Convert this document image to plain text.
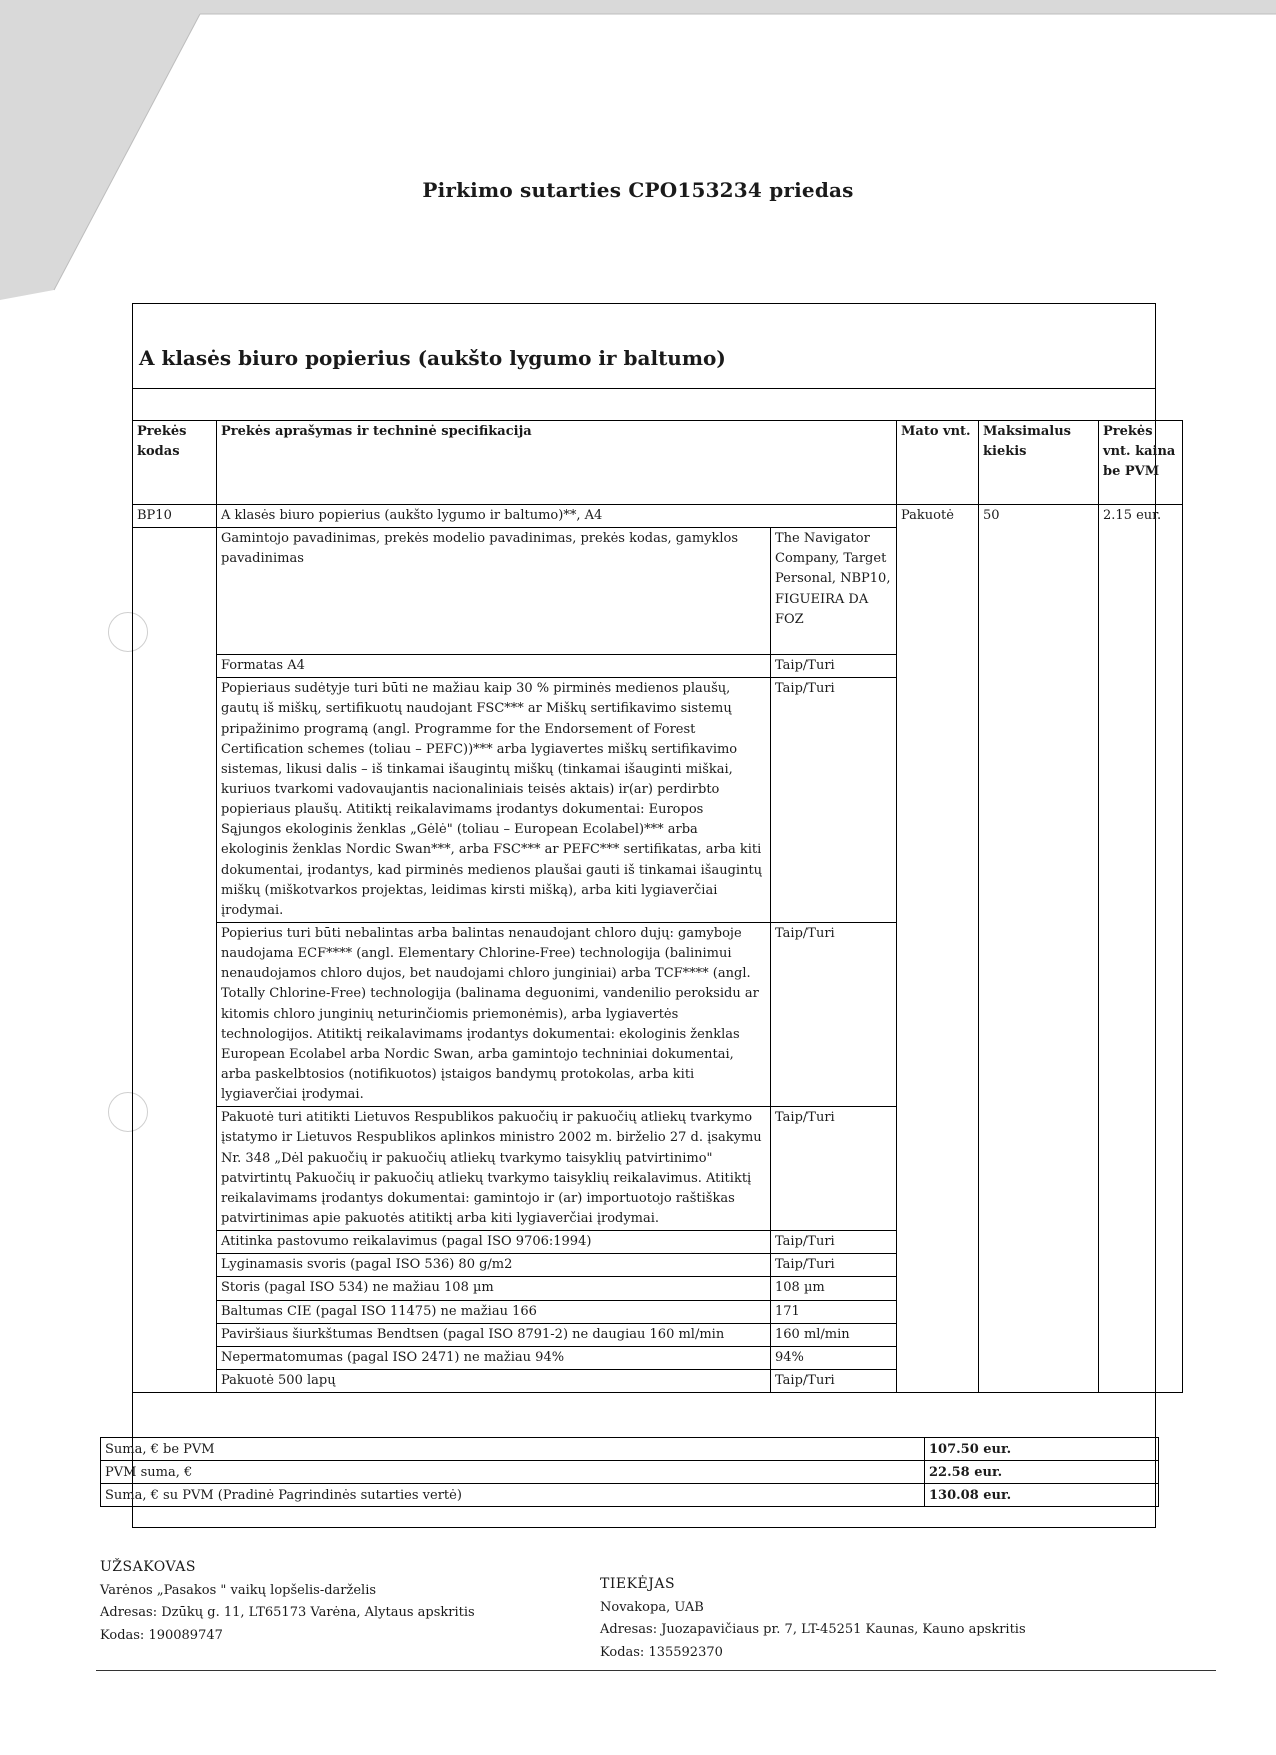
Pirkimo sutarties CPO153234 priedas
A klasės biuro popierius (aukšto lygumo ir baltumo)
Prekės kodas	Prekės aprašymas ir techninė specifikacija		Mato vnt.	Maksimalus kiekis	Prekės vnt. kaina be PVM
BP10	A klasės biuro popierius (aukšto lygumo ir baltumo)**, A4		Pakuotė	50	2.15 eur.
	Gamintojo pavadinimas, prekės modelio pavadinimas, prekės kodas, gamyklos pavadinimas	The Navigator Company, Target Personal, NBP10, FIGUEIRA DA FOZ			
	Formatas A4	Taip/Turi			
	Popieriaus sudėtyje turi būti ne mažiau kaip 30 % pirminės medienos plaušų, gautų iš miškų, sertifikuotų naudojant FSC*** ar Miškų sertifikavimo sistemų pripažinimo programą (angl. Programme for the Endorsement of Forest Certification schemes (toliau – PEFC))*** arba lygiavertes miškų sertifikavimo sistemas, likusi dalis – iš tinkamai išaugintų miškų (tinkamai išauginti miškai, kuriuos tvarkomi vadovaujantis nacionaliniais teisės aktais) ir(ar) perdirbto popieriaus plaušų. Atitiktį reikalavimams įrodantys dokumentai: Europos Sąjungos ekologinis ženklas „Gėlė" (toliau – European Ecolabel)*** arba ekologinis ženklas Nordic Swan***, arba FSC*** ar PEFC*** sertifikatas, arba kiti dokumentai, įrodantys, kad pirminės medienos plaušai gauti iš tinkamai išaugintų miškų (miškotvarkos projektas, leidimas kirsti mišką), arba kiti lygiaverčiai įrodymai.	Taip/Turi			
	Popierius turi būti nebalintas arba balintas nenaudojant chloro dujų: gamyboje naudojama ECF**** (angl. Elementary Chlorine-Free) technologija (balinimui nenaudojamos chloro dujos, bet naudojami chloro junginiai) arba TCF**** (angl. Totally Chlorine-Free) technologija (balinama deguonimi, vandenilio peroksidu ar kitomis chloro junginių neturinčiomis priemonėmis), arba lygiavertės technologijos. Atitiktį reikalavimams įrodantys dokumentai: ekologinis ženklas European Ecolabel arba Nordic Swan, arba gamintojo techniniai dokumentai, arba paskelbtosios (notifikuotos) įstaigos bandymų protokolas, arba kiti lygiaverčiai įrodymai.	Taip/Turi			
	Pakuotė turi atitikti Lietuvos Respublikos pakuočių ir pakuočių atliekų tvarkymo įstatymo ir Lietuvos Respublikos aplinkos ministro 2002 m. birželio 27 d. įsakymu Nr. 348 „Dėl pakuočių ir pakuočių atliekų tvarkymo taisyklių patvirtinimo" patvirtintų Pakuočių ir pakuočių atliekų tvarkymo taisyklių reikalavimus. Atitiktį reikalavimams įrodantys dokumentai: gamintojo ir (ar) importuotojo raštiškas patvirtinimas apie pakuotės atitiktį arba kiti lygiaverčiai įrodymai.	Taip/Turi			
	Atitinka pastovumo reikalavimus (pagal ISO 9706:1994)	Taip/Turi			
	Lyginamasis svoris (pagal ISO 536) 80 g/m2	Taip/Turi			
	Storis (pagal ISO 534) ne mažiau 108 µm	108 µm			
	Baltumas CIE (pagal ISO 11475) ne mažiau 166	171			
	Paviršiaus šiurkštumas Bendtsen (pagal ISO 8791-2) ne daugiau 160 ml/min	160 ml/min			
	Nepermatomumas (pagal ISO 2471) ne mažiau 94%	94%			
	Pakuotė 500 lapų	Taip/Turi			
Suma, € be PVM	107.50 eur.
PVM suma, €	22.58 eur.
Suma, € su PVM (Pradinė Pagrindinės sutarties vertė)	130.08 eur.
UŽSAKOVAS
Varėnos „Pasakos " vaikų lopšelis-darželis
Adresas: Dzūkų g. 11, LT65173 Varėna, Alytaus apskritis
Kodas: 190089747
TIEKĖJAS
Novakopa, UAB
Adresas: Juozapavičiaus pr. 7, LT-45251 Kaunas, Kauno apskritis
Kodas: 135592370
